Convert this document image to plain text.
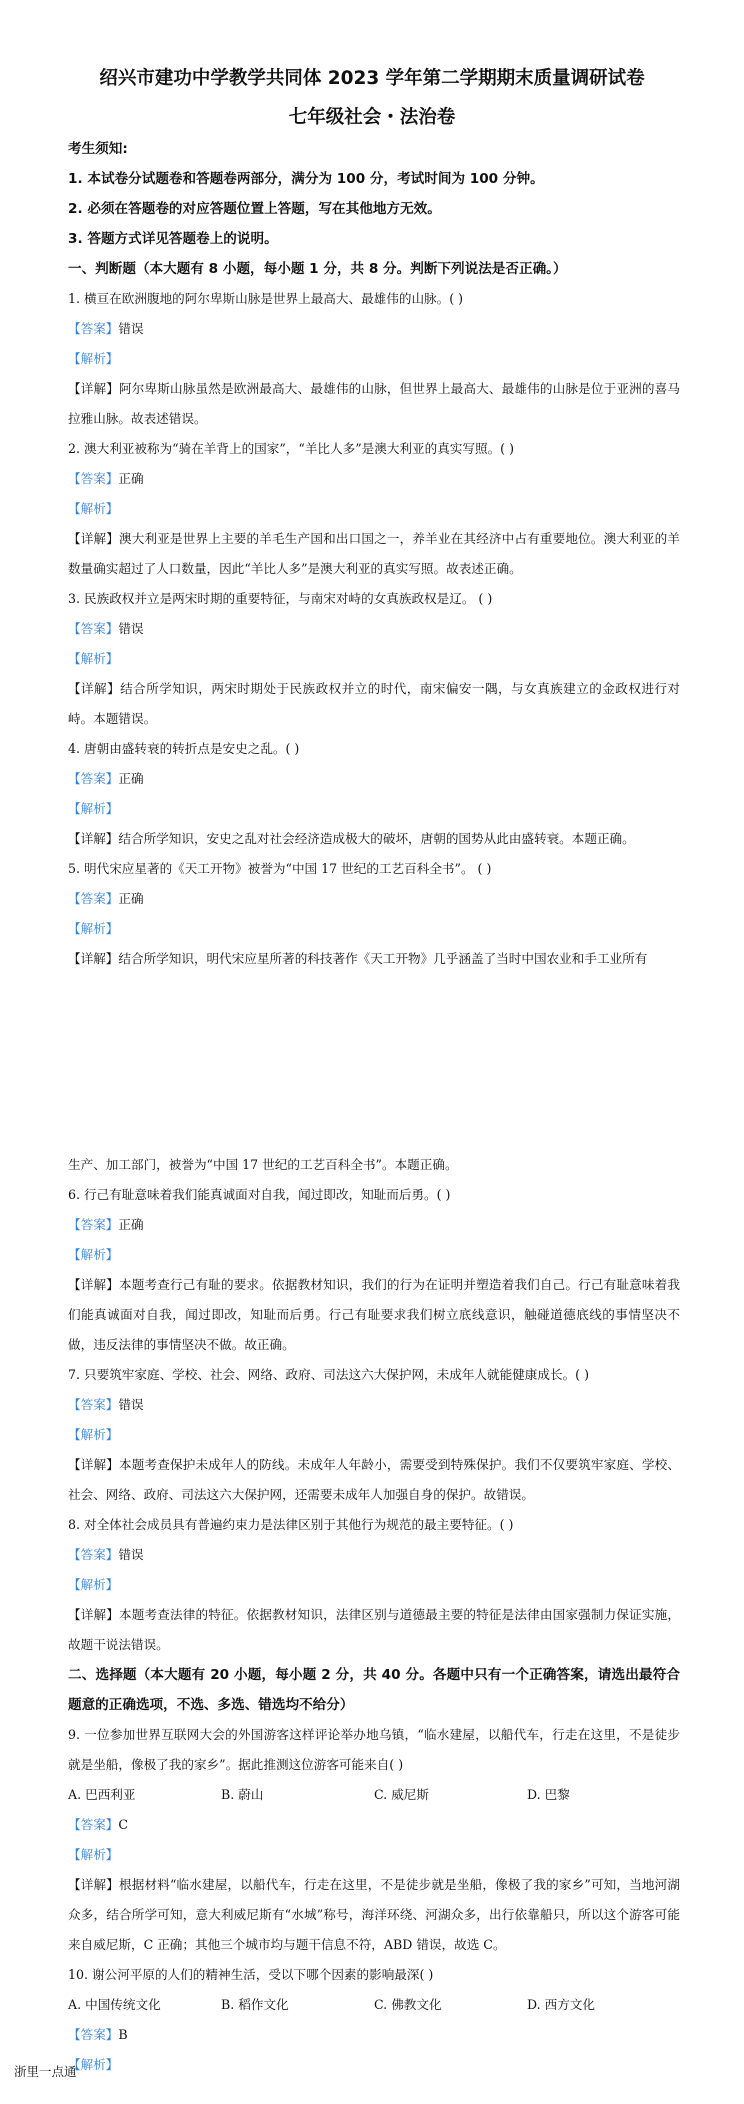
绍兴市建功中学教学共同体 2023 学年第二学期期末质量调研试卷
七年级社会・法治卷
考生须知:
1. 本试卷分试题卷和答题卷两部分，满分为 100 分，考试时间为 100 分钟。
2. 必须在答题卷的对应答题位置上答题，写在其他地方无效。
3. 答题方式详见答题卷上的说明。
一、判断题（本大题有 8 小题，每小题 1 分，共 8 分。判断下列说法是否正确。）
1. 横亘在欧洲腹地的阿尔卑斯山脉是世界上最高大、最雄伟的山脉。( )
【答案】错误
【解析】
【详解】阿尔卑斯山脉虽然是欧洲最高大、最雄伟的山脉，但世界上最高大、最雄伟的山脉是位于亚洲的喜马拉雅山脉。故表述错误。
2. 澳大利亚被称为“骑在羊背上的国家”，“羊比人多”是澳大利亚的真实写照。( )
【答案】正确
【解析】
【详解】澳大利亚是世界上主要的羊毛生产国和出口国之一，养羊业在其经济中占有重要地位。澳大利亚的羊数量确实超过了人口数量，因此“羊比人多”是澳大利亚的真实写照。故表述正确。
3. 民族政权并立是两宋时期的重要特征，与南宋对峙的女真族政权是辽。 ( )
【答案】错误
【解析】
【详解】结合所学知识，两宋时期处于民族政权并立的时代，南宋偏安一隅，与女真族建立的金政权进行对峙。本题错误。
4. 唐朝由盛转衰的转折点是安史之乱。( )
【答案】正确
【解析】
【详解】结合所学知识，安史之乱对社会经济造成极大的破坏，唐朝的国势从此由盛转衰。本题正确。
5. 明代宋应星著的《天工开物》被誉为“中国 17 世纪的工艺百科全书”。 ( )
【答案】正确
【解析】
【详解】结合所学知识，明代宋应星所著的科技著作《天工开物》几乎涵盖了当时中国农业和手工业所有
生产、加工部门，被誉为“中国 17 世纪的工艺百科全书”。本题正确。
6. 行己有耻意味着我们能真诚面对自我，闻过即改，知耻而后勇。( )
【答案】正确
【解析】
【详解】本题考查行己有耻的要求。依据教材知识，我们的行为在证明并塑造着我们自己。行己有耻意味着我们能真诚面对自我，闻过即改，知耻而后勇。行己有耻要求我们树立底线意识，触碰道德底线的事情坚决不做，违反法律的事情坚决不做。故正确。
7. 只要筑牢家庭、学校、社会、网络、政府、司法这六大保护网，未成年人就能健康成长。( )
【答案】错误
【解析】
【详解】本题考查保护未成年人的防线。未成年人年龄小，需要受到特殊保护。我们不仅要筑牢家庭、学校、社会、网络、政府、司法这六大保护网，还需要未成年人加强自身的保护。故错误。
8. 对全体社会成员具有普遍约束力是法律区别于其他行为规范的最主要特征。( )
【答案】错误
【解析】
【详解】本题考查法律的特征。依据教材知识，法律区别与道德最主要的特征是法律由国家强制力保证实施，故题干说法错误。
二、选择题（本大题有 20 小题，每小题 2 分，共 40 分。各题中只有一个正确答案，请选出最符合题意的正确选项，不选、多选、错选均不给分）
9. 一位参加世界互联网大会的外国游客这样评论举办地乌镇，“临水建屋，以船代车，行走在这里，不是徒步就是坐船，像极了我的家乡”。据此推测这位游客可能来自( )
A. 巴西利亚	B. 蔚山	C. 威尼斯	D. 巴黎
【答案】C
【解析】
【详解】根据材料“临水建屋，以船代车，行走在这里，不是徒步就是坐船，像极了我的家乡”可知，当地河湖众多，结合所学可知，意大利威尼斯有“水城”称号，海洋环绕、河湖众多，出行依靠船只，所以这个游客可能来自威尼斯，C 正确；其他三个城市均与题干信息不符，ABD 错误，故选 C。
10. 谢公河平原的人们的精神生活，受以下哪个因素的影响最深( )
A. 中国传统文化	B. 稻作文化	C. 佛教文化	D. 西方文化
【答案】B
【解析】
浙里一点通
